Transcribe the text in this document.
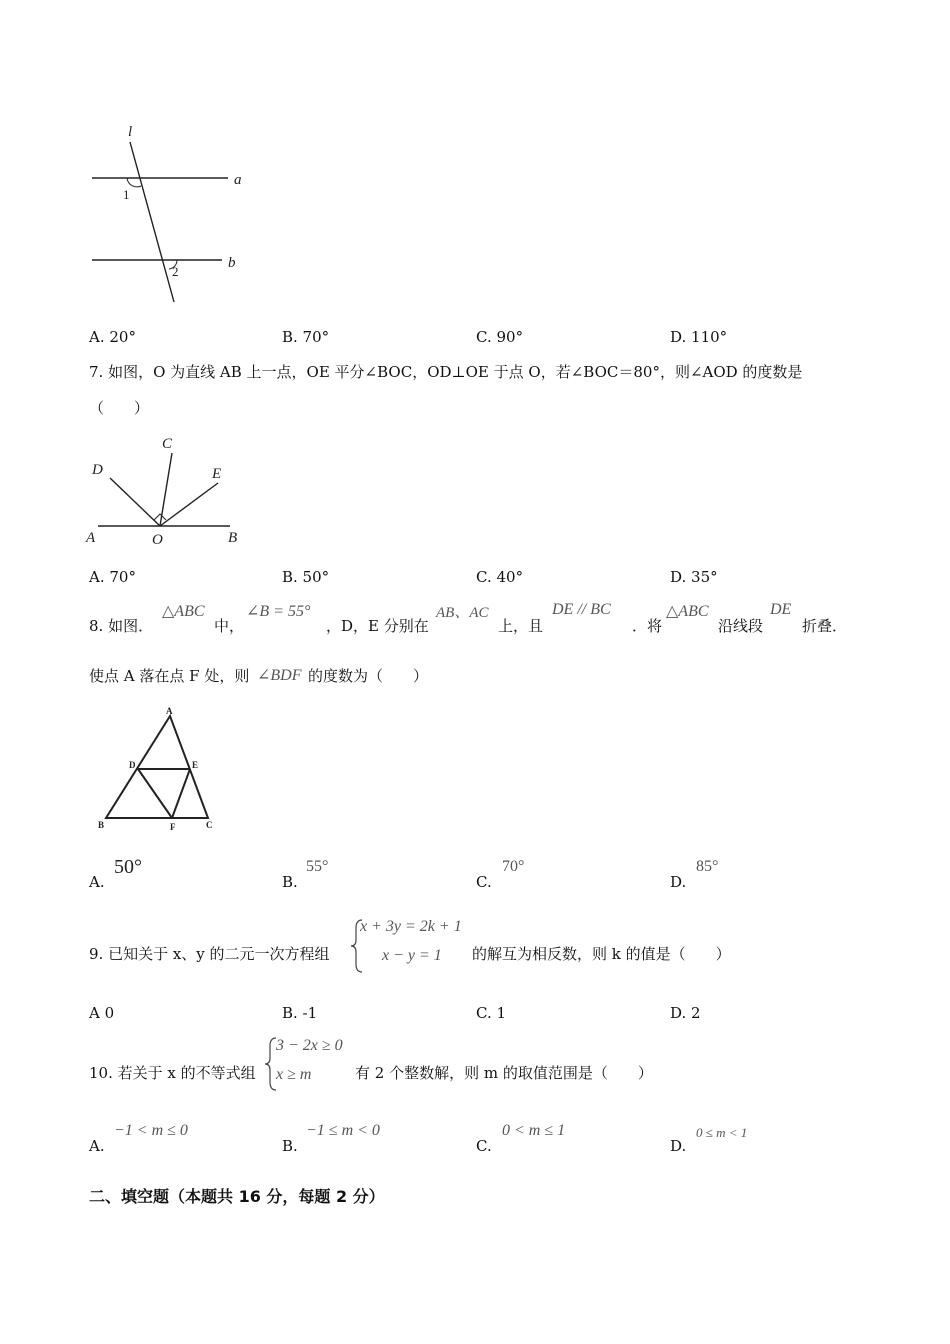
l
a
b
1
2
A. 20°	B. 70°	C. 90°	D. 110°
7. 如图，O 为直线 AB 上一点，OE 平分∠BOC，OD⊥OE 于点 O，若∠BOC＝80°，则∠AOD 的度数是
（　　）
D
C
E
A	O	B
A. 70°	B. 50°	C. 40°	D. 35°
8. 如图．
△ABC
中，
∠B = 55°
，D，E 分别在
AB、AC
上，且
DE // BC
．将
△ABC
沿线段
DE
折叠．
使点 A 落在点 F 处，则 ∠BDF 的度数为（　　）
A
D	E
B	F	C
A.
50°
B.
55°
C.
70°
D.
85°
9. 已知关于 x、y 的二元一次方程组
x + 3y = 2k + 1
x − y = 1 的解互为相反数，则 k 的值是（　　）
A 0	B. -1	C. 1	D. 2
10. 若关于 x 的不等式组
3 − 2x ≥ 0
x ≥ m	有 2 个整数解，则 m 的取值范围是（　　）
A.
−1 < m ≤ 0
B.
−1 ≤ m < 0
C.
0 < m ≤ 1
D.
0 ≤ m < 1
二、填空题（本题共 16 分，每题 2 分）
